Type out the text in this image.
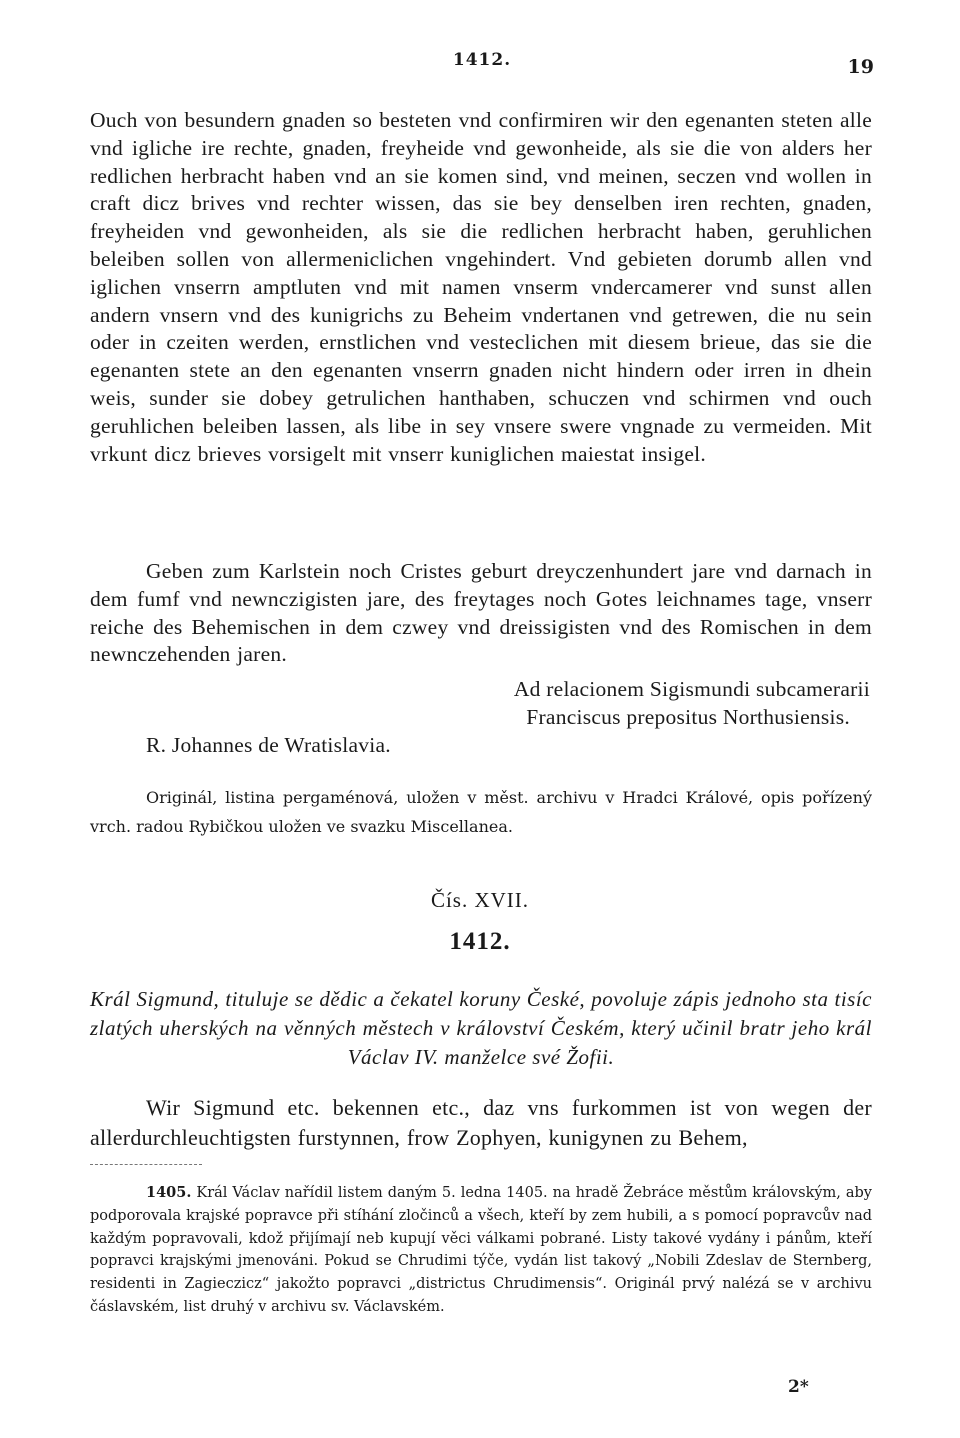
1412.	19

Ouch von besundern gnaden so besteten vnd confirmiren wir den egenanten steten alle vnd igliche ire rechte, gnaden, freyheide vnd gewonheide, als sie die von alders her redlichen herbracht haben vnd an sie komen sind, vnd meinen, seczen vnd wollen in craft dicz brives vnd rechter wissen, das sie bey denselben iren rechten, gnaden, freyheiden vnd gewonheiden, als sie die redlichen herbracht haben, geruhlichen beleiben sollen von allermeniclichen vngehindert. Vnd gebieten dorumb allen vnd iglichen vnserrn amptluten vnd mit namen vnserm vndercamerer vnd sunst allen andern vnsern vnd des kunigrichs zu Beheim vndertanen vnd getrewen, die nu sein oder in czeiten werden, ernstlichen vnd vesteclichen mit diesem brieue, das sie die egenanten stete an den egenanten vnserrn gnaden nicht hindern oder irren in dhein weis, sunder sie dobey getrulichen hanthaben, schuczen vnd schirmen vnd ouch geruhlichen beleiben lassen, als libe in sey vnsere swere vngnade zu vermeiden. Mit vrkunt dicz brieves vorsigelt mit vnserr kuniglichen maiestat insigel.

Geben zum Karlstein noch Cristes geburt dreyczenhundert jare vnd darnach in dem fumf vnd newnczigisten jare, des freytages noch Gotes leichnames tage, vnserr reiche des Behemischen in dem czwey vnd dreissigisten vnd des Romischen in dem newnczehenden jaren.

Ad relacionem Sigismundi subcamerarii
Franciscus prepositus Northusiensis.
R. Johannes de Wratislavia.

Originál, listina pergaménová, uložen v měst. archivu v Hradci Králové, opis pořízený vrch. radou Rybičkou uložen ve svazku Miscellanea.

Čís. XVII.
1412.

Král Sigmund, tituluje se dědic a čekatel koruny České, povoluje zápis jednoho sta tisíc zlatých uherských na věnných městech v království Českém, který učinil bratr jeho král Václav IV. manželce své Žofii.

Wir Sigmund etc. bekennen etc., daz vns furkommen ist von wegen der allerdurchleuchtigsten furstynnen, frow Zophyen, kunigynen zu Behem,

1405. Král Václav nařídil listem daným 5. ledna 1405. na hradě Žebráce městům královským, aby podporovala krajské popravce při stíhání zločinců a všech, kteří by zem hubili, a s pomocí popravcův nad každým popravovali, kdož přijímají neb kupují věci válkami pobrané. Listy takové vydány i pánům, kteří popravci krajskými jmenováni. Pokud se Chrudimi týče, vydán list takový „Nobili Zdeslav de Sternberg, residenti in Zagieczicz“ jakožto popravci „districtus Chrudimensis“. Originál prvý nalézá se v archivu čáslavském, list druhý v archivu sv. Václavském.

2*
